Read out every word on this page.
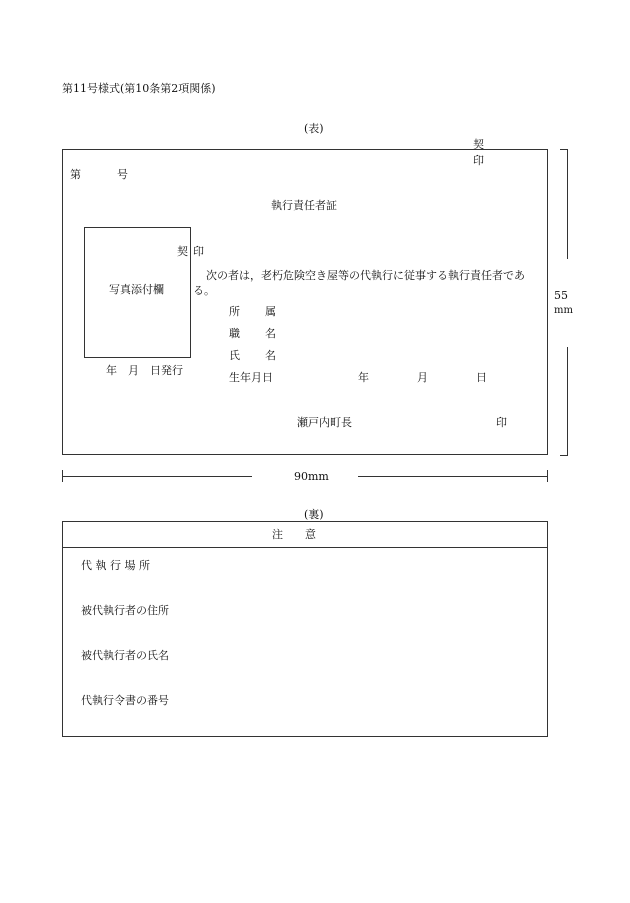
第11号様式(第10条第2項関係)
(表)
契
印
第	号
執行責任者証
写真添付欄
契 印
年　月　日発行
次の者は，老朽危険空き屋等の代執行に従事する執行責任者であ
る。
所 属
職 名
氏 名
生年月日	年	月	日
瀬戸内町長	印
55
mm
90mm
(裏)
注意
代 執 行 場 所
被代執行者の住所
被代執行者の氏名
代執行令書の番号
